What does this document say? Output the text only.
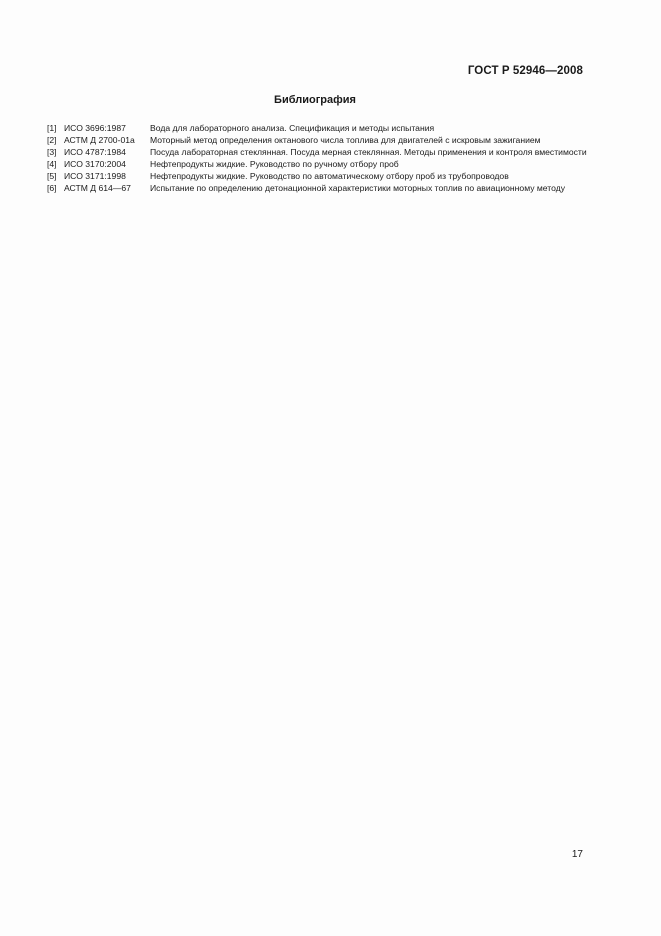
ГОСТ Р 52946—2008
Библиография
[1] ИСО 3696:1987	Вода для лабораторного анализа. Спецификация и методы испытания
[2] АСТМ Д 2700-01а	Моторный метод определения октанового числа топлива для двигателей с искровым зажиганием
[3] ИСО 4787:1984	Посуда лабораторная стеклянная. Посуда мерная стеклянная. Методы применения и контроля вместимости
[4] ИСО 3170:2004	Нефтепродукты жидкие. Руководство по ручному отбору проб
[5] ИСО 3171:1998	Нефтепродукты жидкие. Руководство по автоматическому отбору проб из трубопроводов
[6] АСТМ Д 614—67	Испытание по определению детонационной характеристики моторных топлив по авиационному методу
17
